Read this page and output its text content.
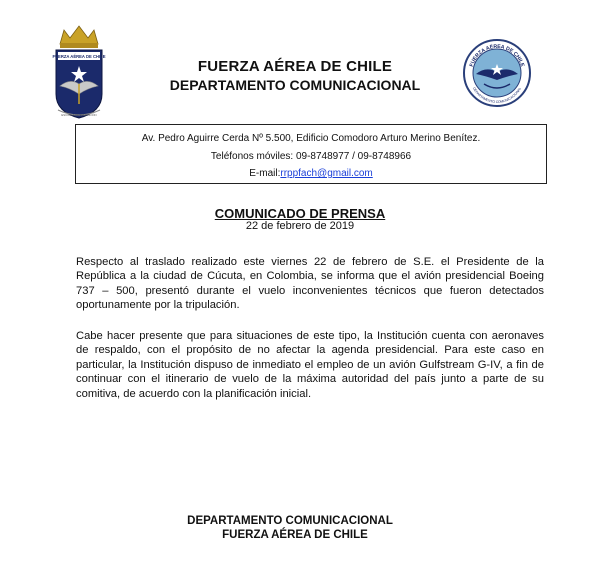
FUERZA AÉREA DE CHILE
ESCUELA DE APLICACIÓN
FUERZA AÉREA DE CHILE
DEPARTAMENTO COMUNICACIONAL
FUERZA AÉREA DE CHILE
DEPARTAMENTO COMUNICACIONAL
Av. Pedro Aguirre Cerda Nº 5.500, Edificio Comodoro Arturo Merino Benítez.
Teléfonos móviles: 09-8748977 / 09-8748966
E-mail:rrppfach@gmail.com
COMUNICADO DE PRENSA
22 de febrero de 2019

Respecto al traslado realizado este viernes 22 de febrero de S.E. el Presidente de la República a la ciudad de Cúcuta, en Colombia, se informa que el avión presidencial Boeing 737 – 500, presentó durante el vuelo inconvenientes técnicos que fueron detectados oportunamente por la tripulación.

Cabe hacer presente que para situaciones de este tipo, la Institución cuenta con aeronaves de respaldo, con el propósito de no afectar la agenda presidencial. Para este caso en particular, la Institución dispuso de inmediato el empleo de un avión Gulfstream G-IV, a fin de continuar con el itinerario de vuelo de la máxima autoridad del país junto a parte de su comitiva, de acuerdo con la planificación inicial.

DEPARTAMENTO COMUNICACIONAL
FUERZA AÉREA DE CHILE
